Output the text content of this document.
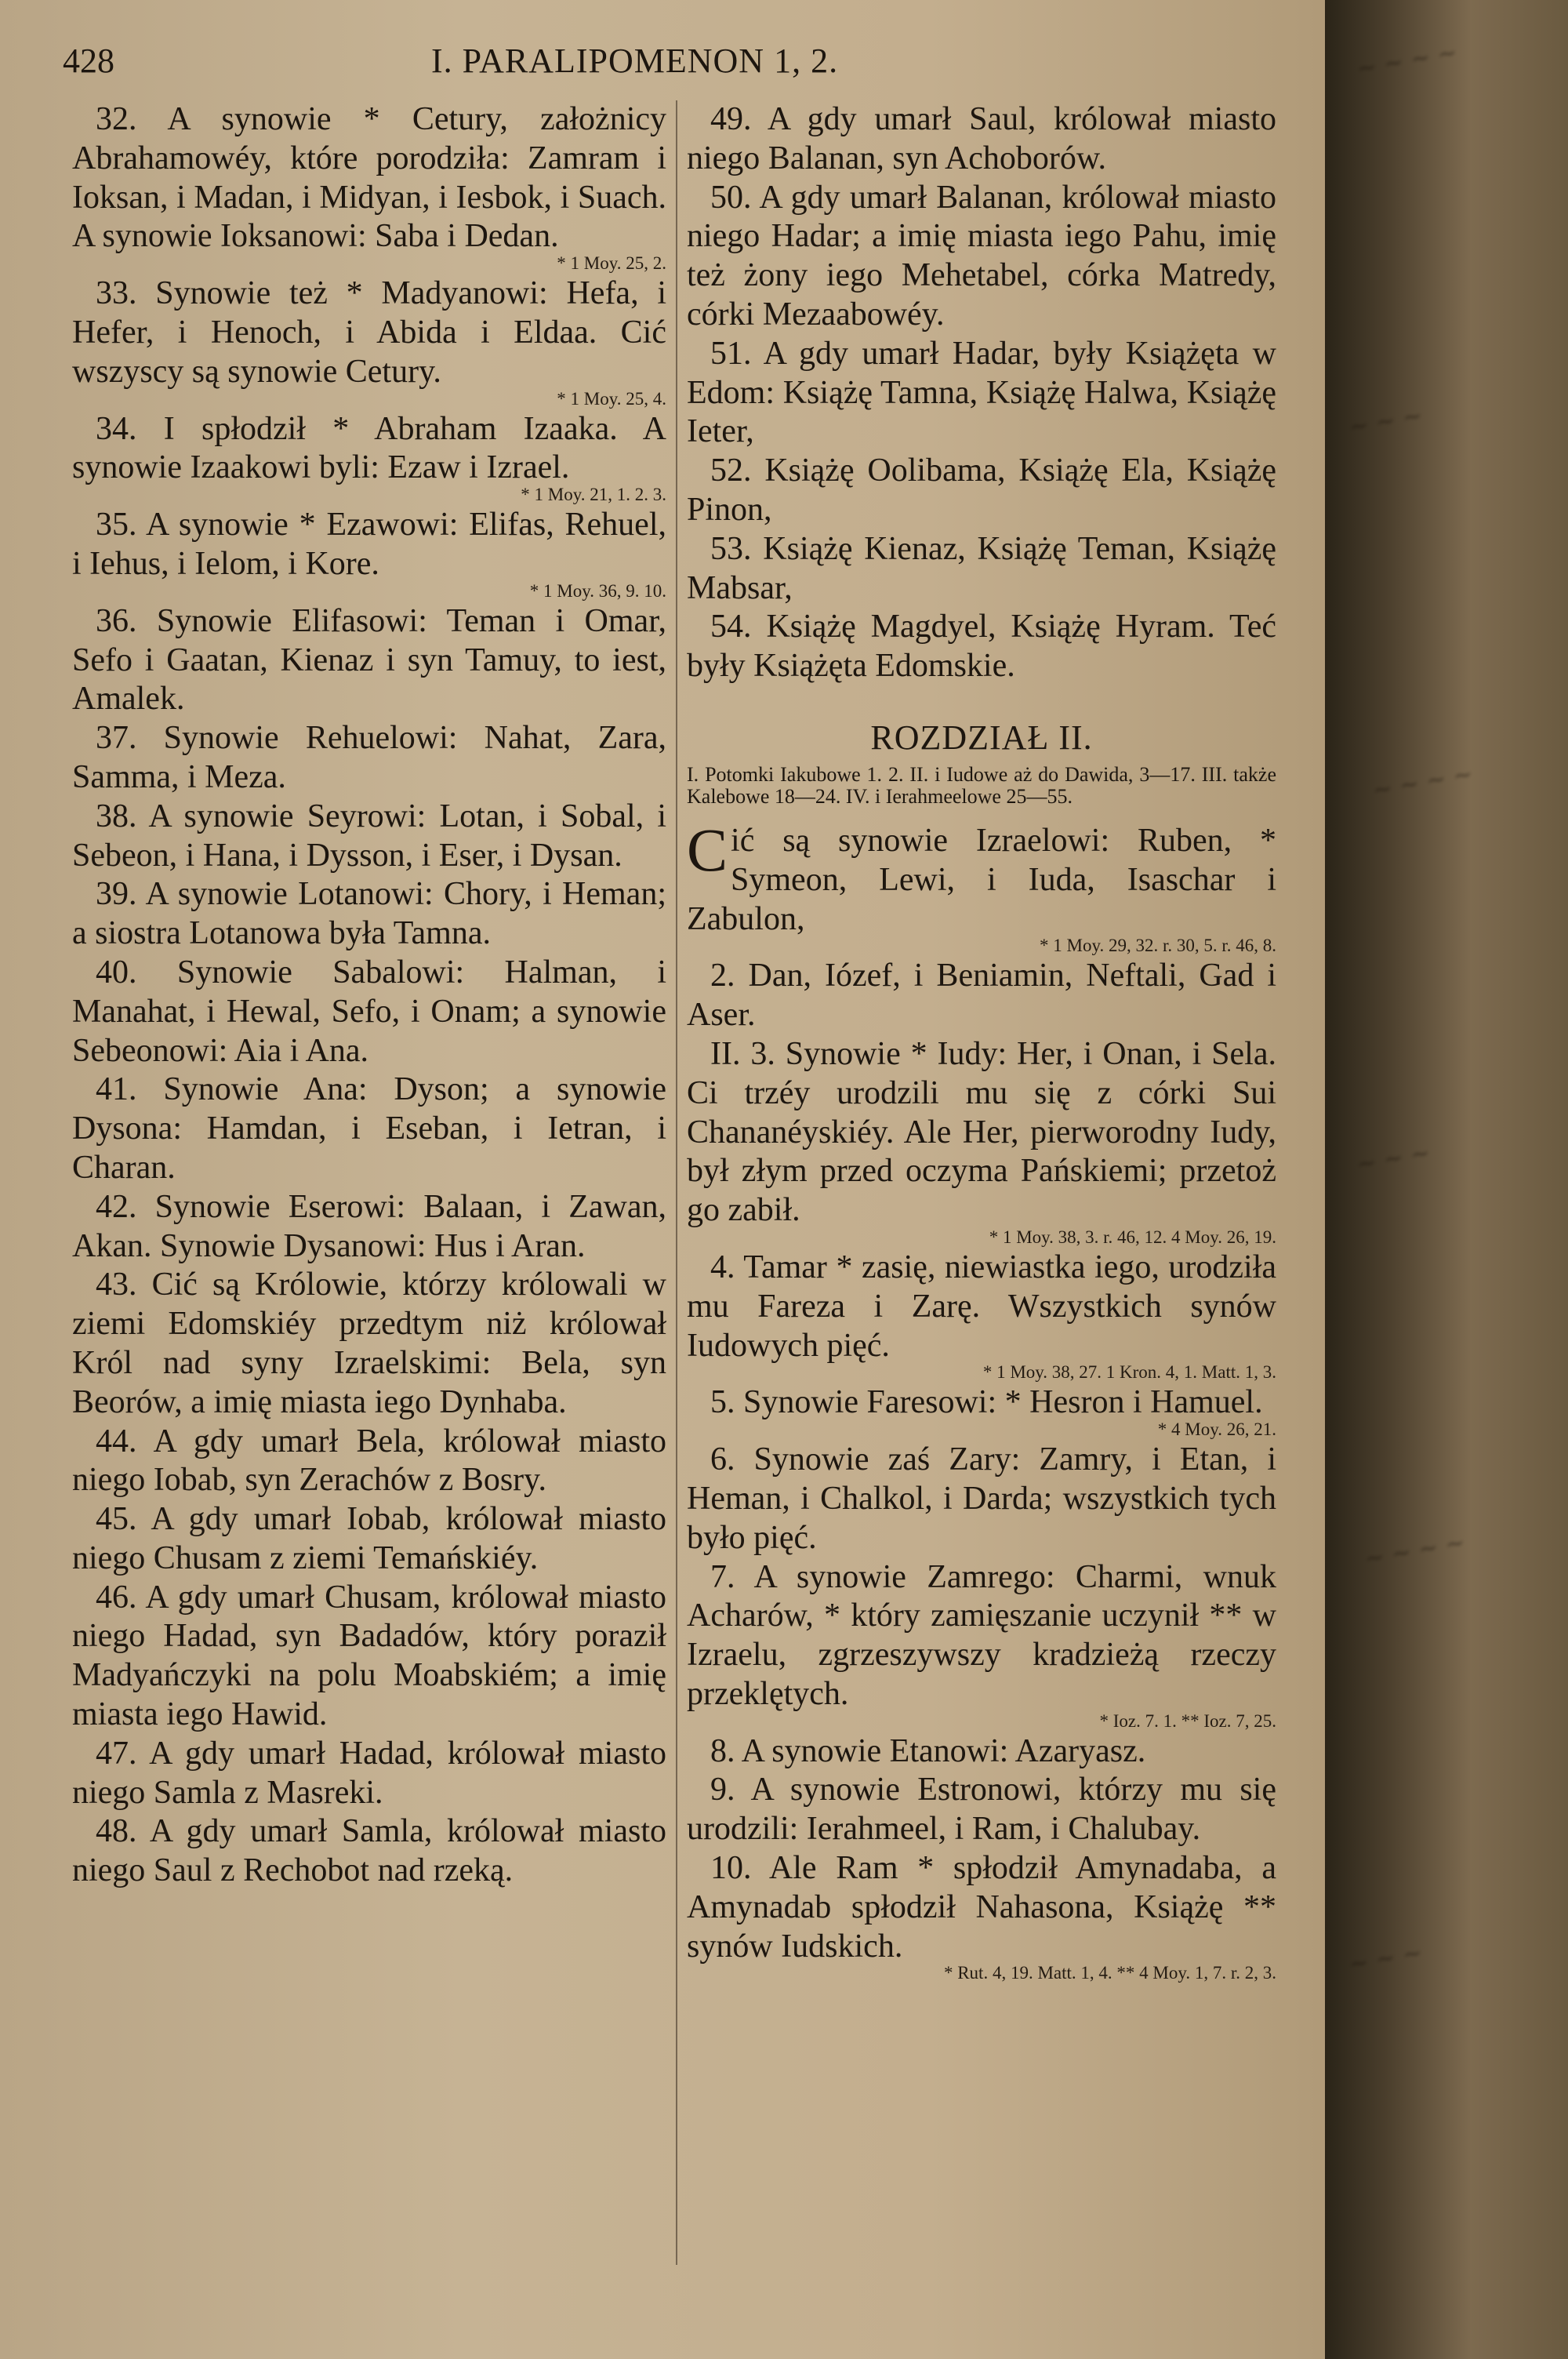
428	I. PARALIPOMENON 1, 2.
32. A synowie * Cetury, założnicy Abrahamowéy, które porodziła: Zamram i Ioksan, i Madan, i Midyan, i Iesbok, i Suach. A synowie Ioksanowi: Saba i Dedan.
* 1 Moy. 25, 2.
33. Synowie też * Madyanowi: Hefa, i Hefer, i Henoch, i Abida i Eldaa. Cić wszyscy są synowie Cetury.
* 1 Moy. 25, 4.
34. I spłodził * Abraham Izaaka. A synowie Izaakowi byli: Ezaw i Izrael.
* 1 Moy. 21, 1. 2. 3.
35. A synowie * Ezawowi: Elifas, Rehuel, i Iehus, i Ielom, i Kore.
* 1 Moy. 36, 9. 10.
36. Synowie Elifasowi: Teman i Omar, Sefo i Gaatan, Kienaz i syn Tamuy, to iest, Amalek.
37. Synowie Rehuelowi: Nahat, Zara, Samma, i Meza.
38. A synowie Seyrowi: Lotan, i Sobal, i Sebeon, i Hana, i Dysson, i Eser, i Dysan.
39. A synowie Lotanowi: Chory, i Heman; a siostra Lotanowa była Tamna.
40. Synowie Sabalowi: Halman, i Manahat, i Hewal, Sefo, i Onam; a synowie Sebeonowi: Aia i Ana.
41. Synowie Ana: Dyson; a synowie Dysona: Hamdan, i Eseban, i Ietran, i Charan.
42. Synowie Eserowi: Balaan, i Zawan, Akan. Synowie Dysanowi: Hus i Aran.
43. Cić są Królowie, którzy królowali w ziemi Edomskiéy przedtym niż królował Król nad syny Izraelskimi: Bela, syn Beorów, a imię miasta iego Dynhaba.
44. A gdy umarł Bela, królował miasto niego Iobab, syn Zerachów z Bosry.
45. A gdy umarł Iobab, królował miasto niego Chusam z ziemi Temańskiéy.
46. A gdy umarł Chusam, królował miasto niego Hadad, syn Badadów, który poraził Madyańczyki na polu Moabskiém; a imię miasta iego Hawid.
47. A gdy umarł Hadad, królował miasto niego Samla z Masreki.
48. A gdy umarł Samla, królował miasto niego Saul z Rechobot nad rzeką.
49. A gdy umarł Saul, królował miasto niego Balanan, syn Achoborów.
50. A gdy umarł Balanan, królował miasto niego Hadar; a imię miasta iego Pahu, imię też żony iego Mehetabel, córka Matredy, córki Mezaabowéy.
51. A gdy umarł Hadar, były Książęta w Edom: Książę Tamna, Książę Halwa, Książę Ieter,
52. Książę Oolibama, Książę Ela, Książę Pinon,
53. Książę Kienaz, Książę Teman, Książę Mabsar,
54. Książę Magdyel, Książę Hyram. Teć były Książęta Edomskie.
ROZDZIAŁ II.
I. Potomki Iakubowe 1. 2. II. i Iudowe aż do Dawida, 3—17. III. także Kalebowe 18—24. IV. i Ierahmeelowe 25—55.
Cić są synowie Izraelowi: Ruben, * Symeon, Lewi, i Iuda, Isaschar i Zabulon,
* 1 Moy. 29, 32. r. 30, 5. r. 46, 8.
2. Dan, Iózef, i Beniamin, Neftali, Gad i Aser.
II. 3. Synowie * Iudy: Her, i Onan, i Sela. Ci trzéy urodzili mu się z córki Sui Chananéyskiéy. Ale Her, pierworodny Iudy, był złym przed oczyma Pańskiemi; przetoż go zabił.
* 1 Moy. 38, 3. r. 46, 12. 4 Moy. 26, 19.
4. Tamar * zasię, niewiastka iego, urodziła mu Fareza i Zarę. Wszystkich synów Iudowych pięć.
* 1 Moy. 38, 27. 1 Kron. 4, 1. Matt. 1, 3.
5. Synowie Faresowi: * Hesron i Hamuel.
* 4 Moy. 26, 21.
6. Synowie zaś Zary: Zamry, i Etan, i Heman, i Chalkol, i Darda; wszystkich tych było pięć.
7. A synowie Zamrego: Charmi, wnuk Acharów, * który zamięszanie uczynił ** w Izraelu, zgrzeszywszy kradzieżą rzeczy przeklętych.
* Ioz. 7. 1. ** Ioz. 7, 25.
8. A synowie Etanowi: Azaryasz.
9. A synowie Estronowi, którzy mu się urodzili: Ierahmeel, i Ram, i Chalubay.
10. Ale Ram * spłodził Amynadaba, a Amynadab spłodził Nahasona, Książę ** synów Iudskich.
* Rut. 4, 19. Matt. 1, 4. ** 4 Moy. 1, 7. r. 2, 3.
~ ~ ~ ~
~ ~ ~
~ ~ ~ ~
~ ~ ~
~ ~ ~ ~
~ ~ ~
